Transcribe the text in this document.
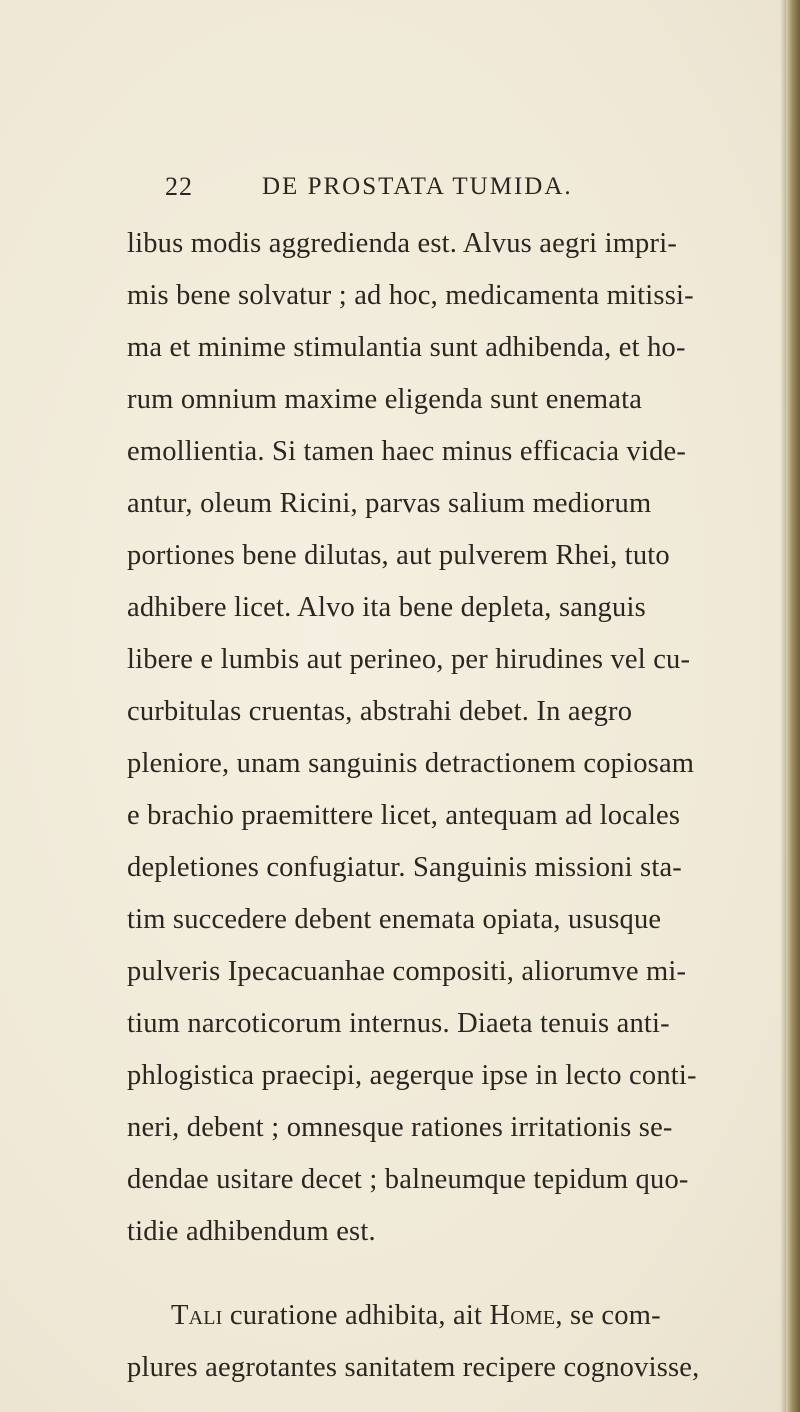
22	DE PROSTATA TUMIDA.
libus modis aggredienda est. Alvus aegri impri-
mis bene solvatur ; ad hoc, medicamenta mitissi-
ma et minime stimulantia sunt adhibenda, et ho-
rum omnium maxime eligenda sunt enemata
emollientia. Si tamen haec minus efficacia vide-
antur, oleum Ricini, parvas salium mediorum
portiones bene dilutas, aut pulverem Rhei, tuto
adhibere licet. Alvo ita bene depleta, sanguis
libere e lumbis aut perineo, per hirudines vel cu-
curbitulas cruentas, abstrahi debet. In aegro
pleniore, unam sanguinis detractionem copiosam
e brachio praemittere licet, antequam ad locales
depletiones confugiatur. Sanguinis missioni sta-
tim succedere debent enemata opiata, ususque
pulveris Ipecacuanhae compositi, aliorumve mi-
tium narcoticorum internus. Diaeta tenuis anti-
phlogistica praecipi, aegerque ipse in lecto conti-
neri, debent ; omnesque rationes irritationis se-
dendae usitare decet ; balneumque tepidum quo-
tidie adhibendum est.
Tali curatione adhibita, ait Home, se com-
plures aegrotantes sanitatem recipere cognovisse,
